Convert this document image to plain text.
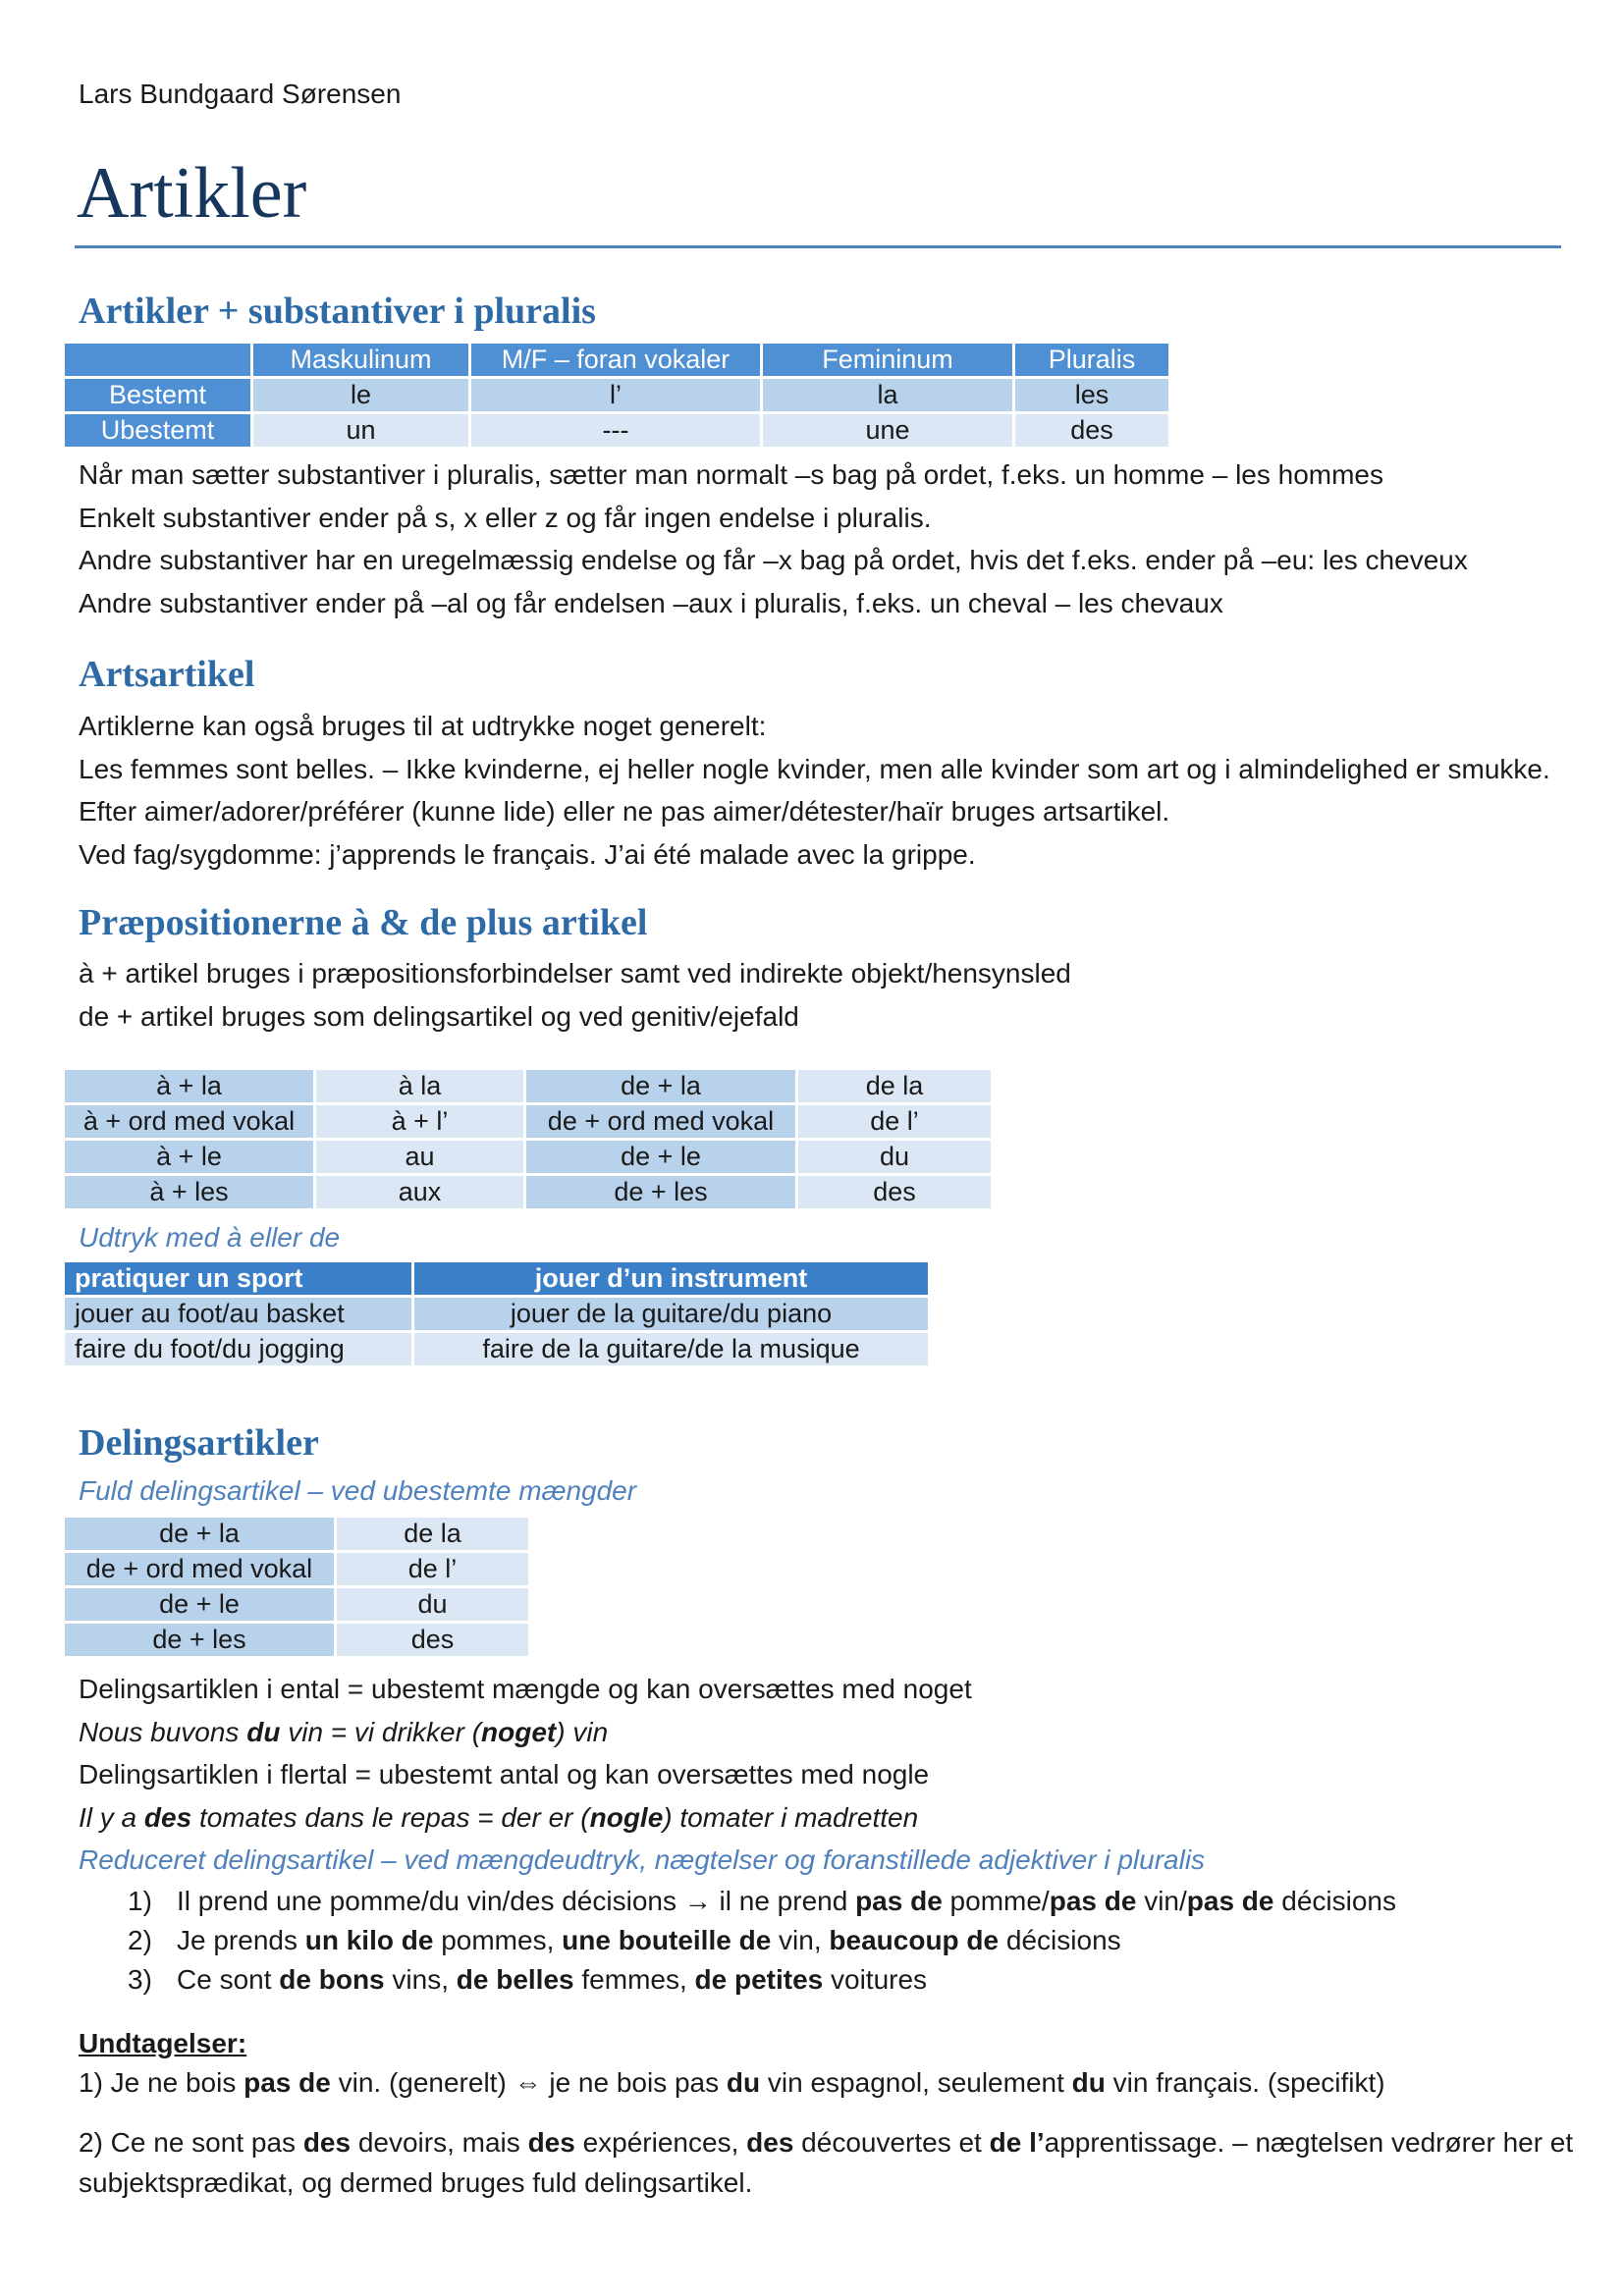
Lars Bundgaard Sørensen
Artikler
Artikler + substantiver i pluralis
	Maskulinum	M/F – foran vokaler	Femininum	Pluralis
Bestemt	le	l’	la	les
Ubestemt	un	---	une	des
Når man sætter substantiver i pluralis, sætter man normalt –s bag på ordet, f.eks. un homme – les hommes
Enkelt substantiver ender på s, x eller z og får ingen endelse i pluralis.
Andre substantiver har en uregelmæssig endelse og får –x bag på ordet, hvis det f.eks. ender på –eu: les cheveux
Andre substantiver ender på –al og får endelsen –aux i pluralis, f.eks. un cheval – les chevaux
Artsartikel
Artiklerne kan også bruges til at udtrykke noget generelt:
Les femmes sont belles. – Ikke kvinderne, ej heller nogle kvinder, men alle kvinder som art og i almindelighed er smukke.
Efter aimer/adorer/préférer (kunne lide) eller ne pas aimer/détester/haïr bruges artsartikel.
Ved fag/sygdomme: j’apprends le français. J’ai été malade avec la grippe.
Præpositionerne à & de plus artikel
à + artikel bruges i præpositionsforbindelser samt ved indirekte objekt/hensynsled
de + artikel bruges som delingsartikel og ved genitiv/ejefald
à + la	à la	de + la	de la
à + ord med vokal	à + l’	de + ord med vokal	de l’
à + le	au	de + le	du
à + les	aux	de + les	des
Udtryk med à eller de
pratiquer un sport	jouer d’un instrument
jouer au foot/au basket	jouer de la guitare/du piano
faire du foot/du jogging	faire de la guitare/de la musique
Delingsartikler
Fuld delingsartikel – ved ubestemte mængder
de + la	de la
de + ord med vokal	de l’
de + le	du
de + les	des
Delingsartiklen i ental = ubestemt mængde og kan oversættes med noget
Nous buvons du vin = vi drikker (noget) vin
Delingsartiklen i flertal = ubestemt antal og kan oversættes med nogle
Il y a des tomates dans le repas = der er (nogle) tomater i madretten
Reduceret delingsartikel – ved mængdeudtryk, nægtelser og foranstillede adjektiver i pluralis
1) Il prend une pomme/du vin/des décisions → il ne prend pas de pomme/pas de vin/pas de décisions
2) Je prends un kilo de pommes, une bouteille de vin, beaucoup de décisions
3) Ce sont de bons vins, de belles femmes, de petites voitures
Undtagelser:
1) Je ne bois pas de vin. (generelt) ⇔ je ne bois pas du vin espagnol, seulement du vin français. (specifikt)
2) Ce ne sont pas des devoirs, mais des expériences, des découvertes et de l’apprentissage. – nægtelsen vedrører her et
subjektsprædikat, og dermed bruges fuld delingsartikel.
